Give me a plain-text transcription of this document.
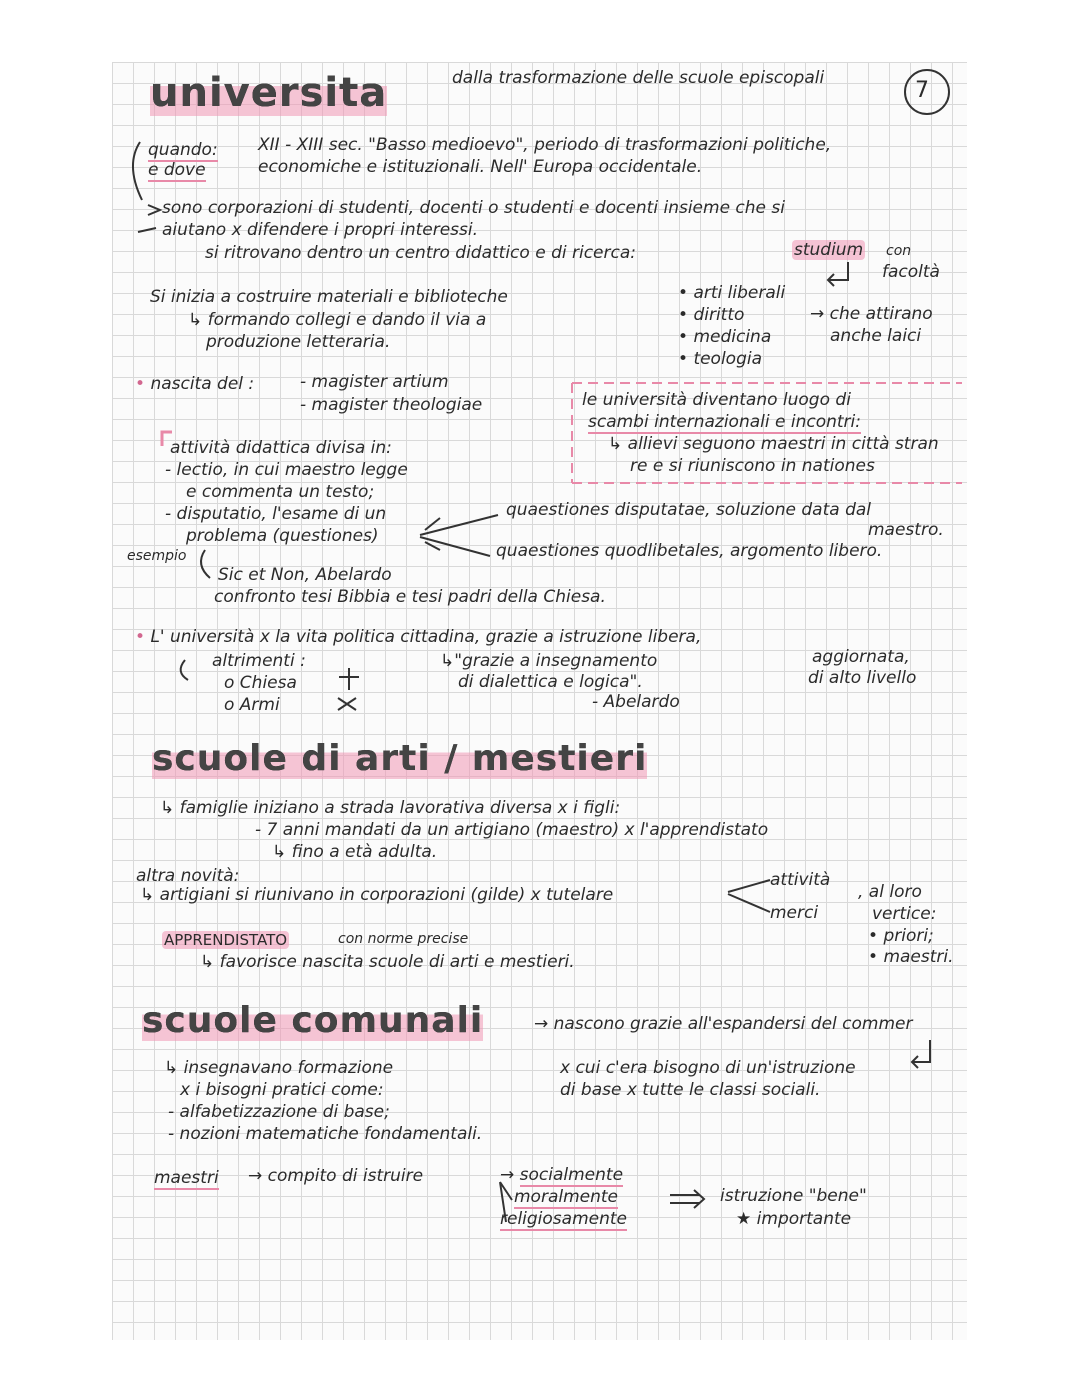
universita	dalla trasformazione delle scuole episcopali	7
quando:
e dove
XII - XIII sec. "Basso medioevo", periodo di trasformazioni politiche,
economiche e istituzionali. Nell' Europa occidentale.
sono corporazioni di studenti, docenti o studenti e docenti insieme che si
aiutano x difendere i propri interessi.
si ritrovano dentro un centro didattico e di ricerca:	studium con
facoltà
• arti liberali
• diritto
• medicina
• teologia
→ che attirano
anche laici
Si inizia a costruire materiali e biblioteche
↳ formando collegi e dando il via a
produzione letteraria.
• nascita del :	- magister artium
- magister theologiae	le università diventano luogo di
scambi internazionali e incontri:
↳ allievi seguono maestri in città stran
re e si riuniscono in nationes
attività didattica divisa in:
- lectio, in cui maestro legge
e commenta un testo;
- disputatio, l'esame di un
problema (questiones)
quaestiones disputatae, soluzione data dal
maestro.
quaestiones quodlibetales, argomento libero.
esempio
Sic et Non, Abelardo
confronto tesi Bibbia e tesi padri della Chiesa.
• L' università x la vita politica cittadina, grazie a istruzione libera,
altrimenti :
o Chiesa
o Armi
↳"grazie a insegnamento
di dialettica e logica".
- Abelardo
aggiornata,
di alto livello
scuole di arti / mestieri
↳ famiglie iniziano a strada lavorativa diversa x i figli:
- 7 anni mandati da un artigiano (maestro) x l'apprendistato
↳ fino a età adulta.
altra novità:
↳ artigiani si riunivano in corporazioni (gilde) x tutelare
attività
merci
, al loro
vertice:
• priori;
• maestri.
APPRENDISTATO	con norme precise
↳ favorisce nascita scuole di arti e mestieri.
scuole comunali	→ nascono grazie all'espandersi del commer
x cui c'era bisogno di un'istruzione
di base x tutte le classi sociali.
↳ insegnavano formazione
x i bisogni pratici come:
- alfabetizzazione di base;
- nozioni matematiche fondamentali.
maestri → compito di istruire	→ socialmente
moralmente
religiosamente
istruzione "bene"
★ importante
